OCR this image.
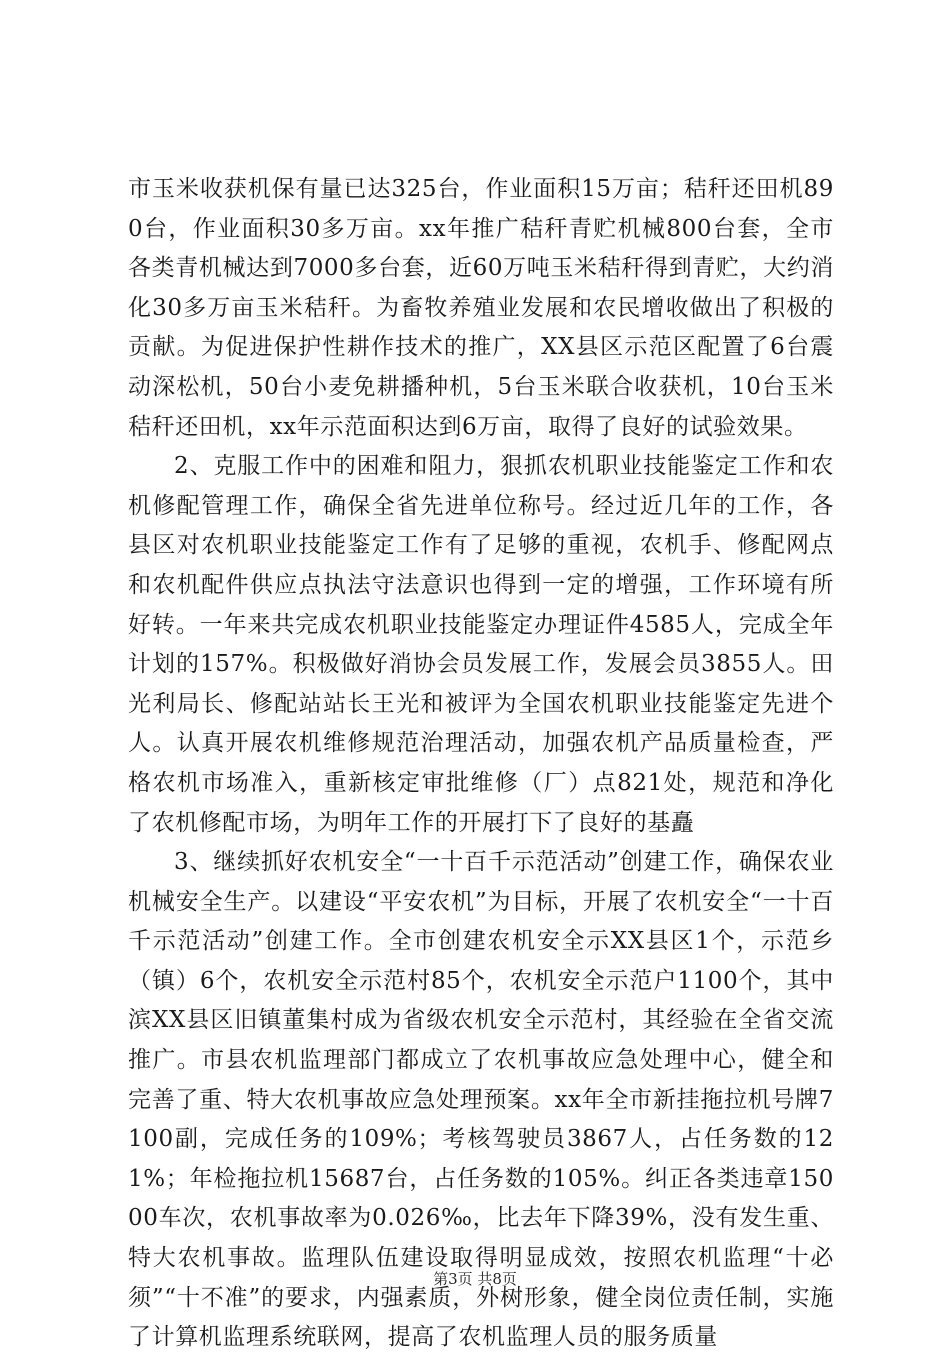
市玉米收获机保有量已达325台，作业面积15万亩；秸秆还田机890台，作业面积30多万亩。xx年推广秸秆青贮机械800台套，全市各类青机械达到7000多台套，近60万吨玉米秸秆得到青贮，大约消化30多万亩玉米秸秆。为畜牧养殖业发展和农民增收做出了积极的贡献。为促进保护性耕作技术的推广，XX县区示范区配置了6台震动深松机，50台小麦免耕播种机，5台玉米联合收获机，10台玉米秸秆还田机，xx年示范面积达到6万亩，取得了良好的试验效果。

2、克服工作中的困难和阻力，狠抓农机职业技能鉴定工作和农机修配管理工作，确保全省先进单位称号。经过近几年的工作，各县区对农机职业技能鉴定工作有了足够的重视，农机手、修配网点和农机配件供应点执法守法意识也得到一定的增强，工作环境有所好转。一年来共完成农机职业技能鉴定办理证件4585人，完成全年计划的157%。积极做好消协会员发展工作，发展会员3855人。田光利局长、修配站站长王光和被评为全国农机职业技能鉴定先进个人。认真开展农机维修规范治理活动，加强农机产品质量检查，严格农机市场准入，重新核定审批维修（厂）点821处，规范和净化了农机修配市场，为明年工作的开展打下了良好的基矗

3、继续抓好农机安全“一十百千示范活动”创建工作，确保农业机械安全生产。以建设“平安农机”为目标，开展了农机安全“一十百千示范活动”创建工作。全市创建农机安全示XX县区1个，示范乡（镇）6个，农机安全示范村85个，农机安全示范户1100个，其中滨XX县区旧镇董集村成为省级农机安全示范村，其经验在全省交流推广。市县农机监理部门都成立了农机事故应急处理中心，健全和完善了重、特大农机事故应急处理预案。xx年全市新挂拖拉机号牌7100副，完成任务的109%；考核驾驶员3867人，占任务数的121%；年检拖拉机15687台，占任务数的105%。纠正各类违章15000车次，农机事故率为0.026‰，比去年下降39%，没有发生重、特大农机事故。监理队伍建设取得明显成效，按照农机监理“十必须”“十不准”的要求，内强素质，外树形象，健全岗位责任制，实施了计算机监理系统联网，提高了农机监理人员的服务质量

第3页 共8页
